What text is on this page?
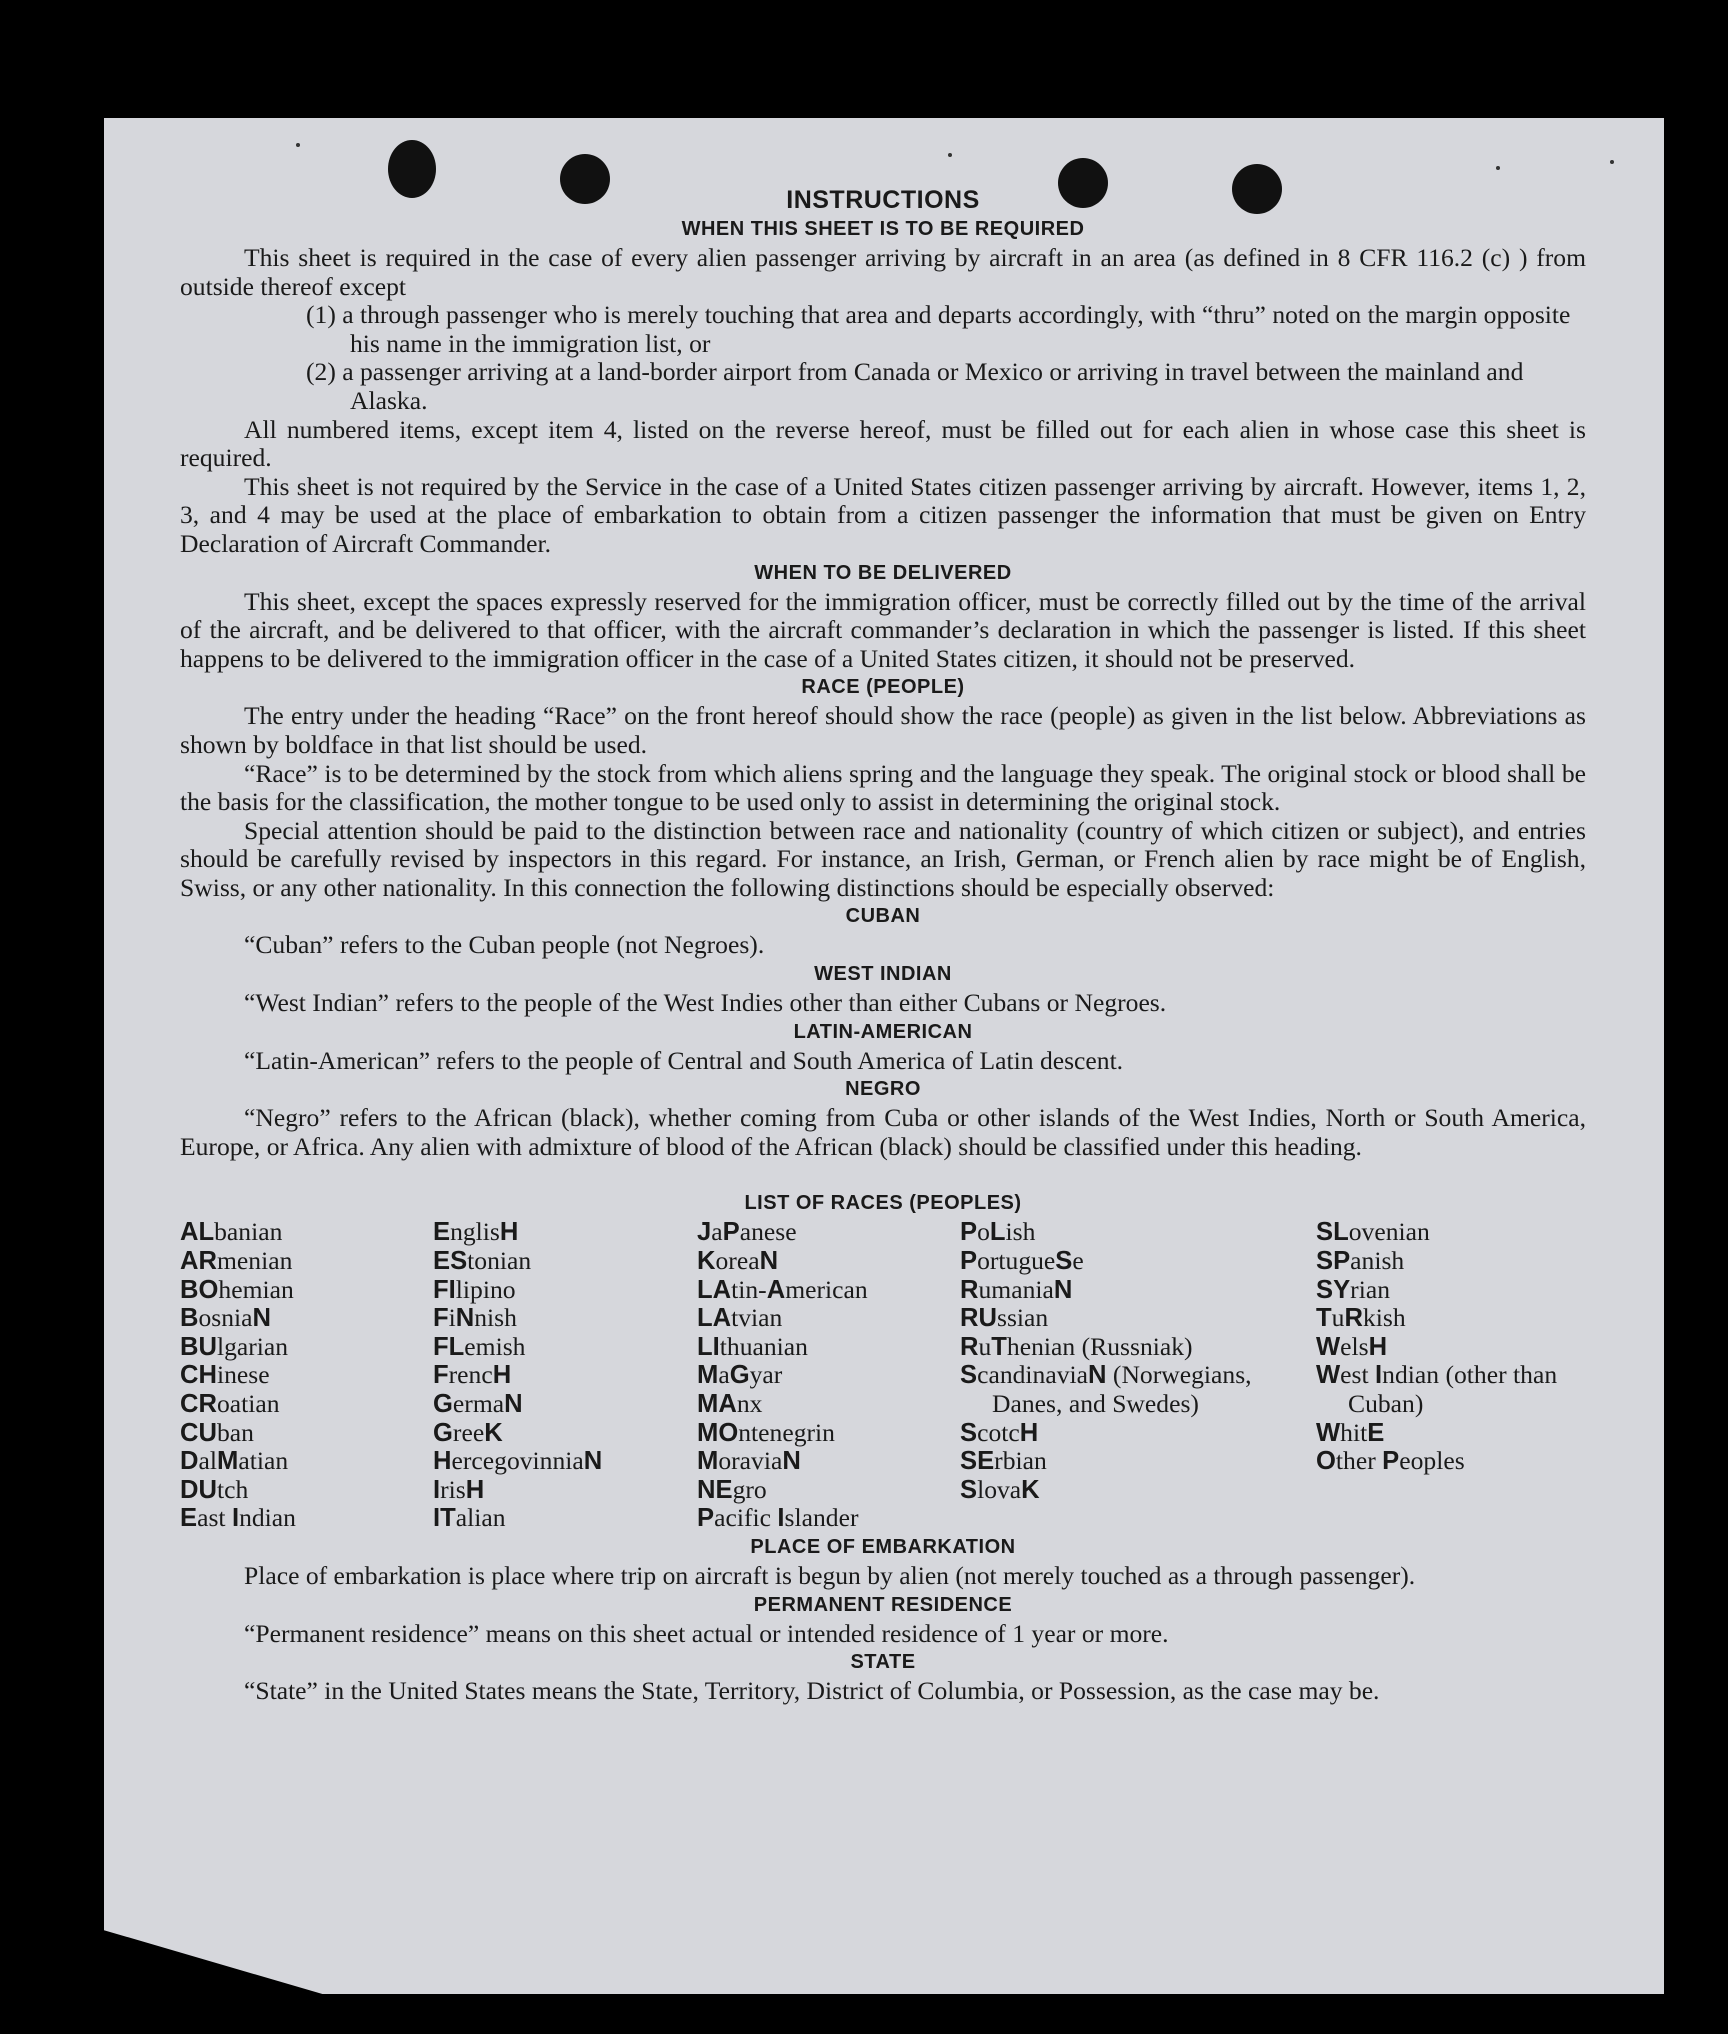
INSTRUCTIONS
WHEN THIS SHEET IS TO BE REQUIRED

This sheet is required in the case of every alien passenger arriving by aircraft in an area (as defined in 8 CFR 116.2 (c) ) from outside thereof except

(1) a through passenger who is merely touching that area and departs accordingly, with “thru” noted on the margin opposite his name in the immigration list, or

(2) a passenger arriving at a land-border airport from Canada or Mexico or arriving in travel between the mainland and Alaska.

All numbered items, except item 4, listed on the reverse hereof, must be filled out for each alien in whose case this sheet is required.

This sheet is not required by the Service in the case of a United States citizen passenger arriving by aircraft. However, items 1, 2, 3, and 4 may be used at the place of embarkation to obtain from a citizen passenger the information that must be given on Entry Declaration of Aircraft Commander.

WHEN TO BE DELIVERED

This sheet, except the spaces expressly reserved for the immigration officer, must be correctly filled out by the time of the arrival of the aircraft, and be delivered to that officer, with the aircraft commander’s declaration in which the passenger is listed. If this sheet happens to be delivered to the immigration officer in the case of a United States citizen, it should not be preserved.

RACE (PEOPLE)

The entry under the heading “Race” on the front hereof should show the race (people) as given in the list below. Abbreviations as shown by boldface in that list should be used.

“Race” is to be determined by the stock from which aliens spring and the language they speak. The original stock or blood shall be the basis for the classification, the mother tongue to be used only to assist in determining the original stock.

Special attention should be paid to the distinction between race and nationality (country of which citizen or subject), and entries should be carefully revised by inspectors in this regard. For instance, an Irish, German, or French alien by race might be of English, Swiss, or any other nationality. In this connection the following distinctions should be especially observed:

CUBAN

“Cuban” refers to the Cuban people (not Negroes).

WEST INDIAN

“West Indian” refers to the people of the West Indies other than either Cubans or Negroes.

LATIN-AMERICAN

“Latin-American” refers to the people of Central and South America of Latin descent.

NEGRO

“Negro” refers to the African (black), whether coming from Cuba or other islands of the West Indies, North or South America, Europe, or Africa. Any alien with admixture of blood of the African (black) should be classified under this heading.

LIST OF RACES (PEOPLES)
ALbanian
ARmenian
BOhemian
BosniaN
BUlgarian
CHinese
CRoatian
CUban
DalMatian
DUtch
East Indian
EnglisH
EStonian
FIlipino
FiNnish
FLemish
FrencH
GermaN
GreeK
HercegovinniaN
IrisH
ITalian
JaPanese
KoreaN
LAtin-American
LAtvian
LIthuanian
MaGyar
MAnx
MOntenegrin
MoraviaN
NEgro
Pacific Islander
PoLish
PortugueSe
RumaniaN
RUssian
RuThenian (Russniak)
ScandinaviaN (Norwegians, Danes, and Swedes)
ScotcH
SErbian
SlovaK
SLovenian
SPanish
SYrian
TuRkish
WelsH
West Indian (other than Cuban)
WhitE
Other Peoples
PLACE OF EMBARKATION

Place of embarkation is place where trip on aircraft is begun by alien (not merely touched as a through passenger).

PERMANENT RESIDENCE

“Permanent residence” means on this sheet actual or intended residence of 1 year or more.

STATE

“State” in the United States means the State, Territory, District of Columbia, or Possession, as the case may be.
